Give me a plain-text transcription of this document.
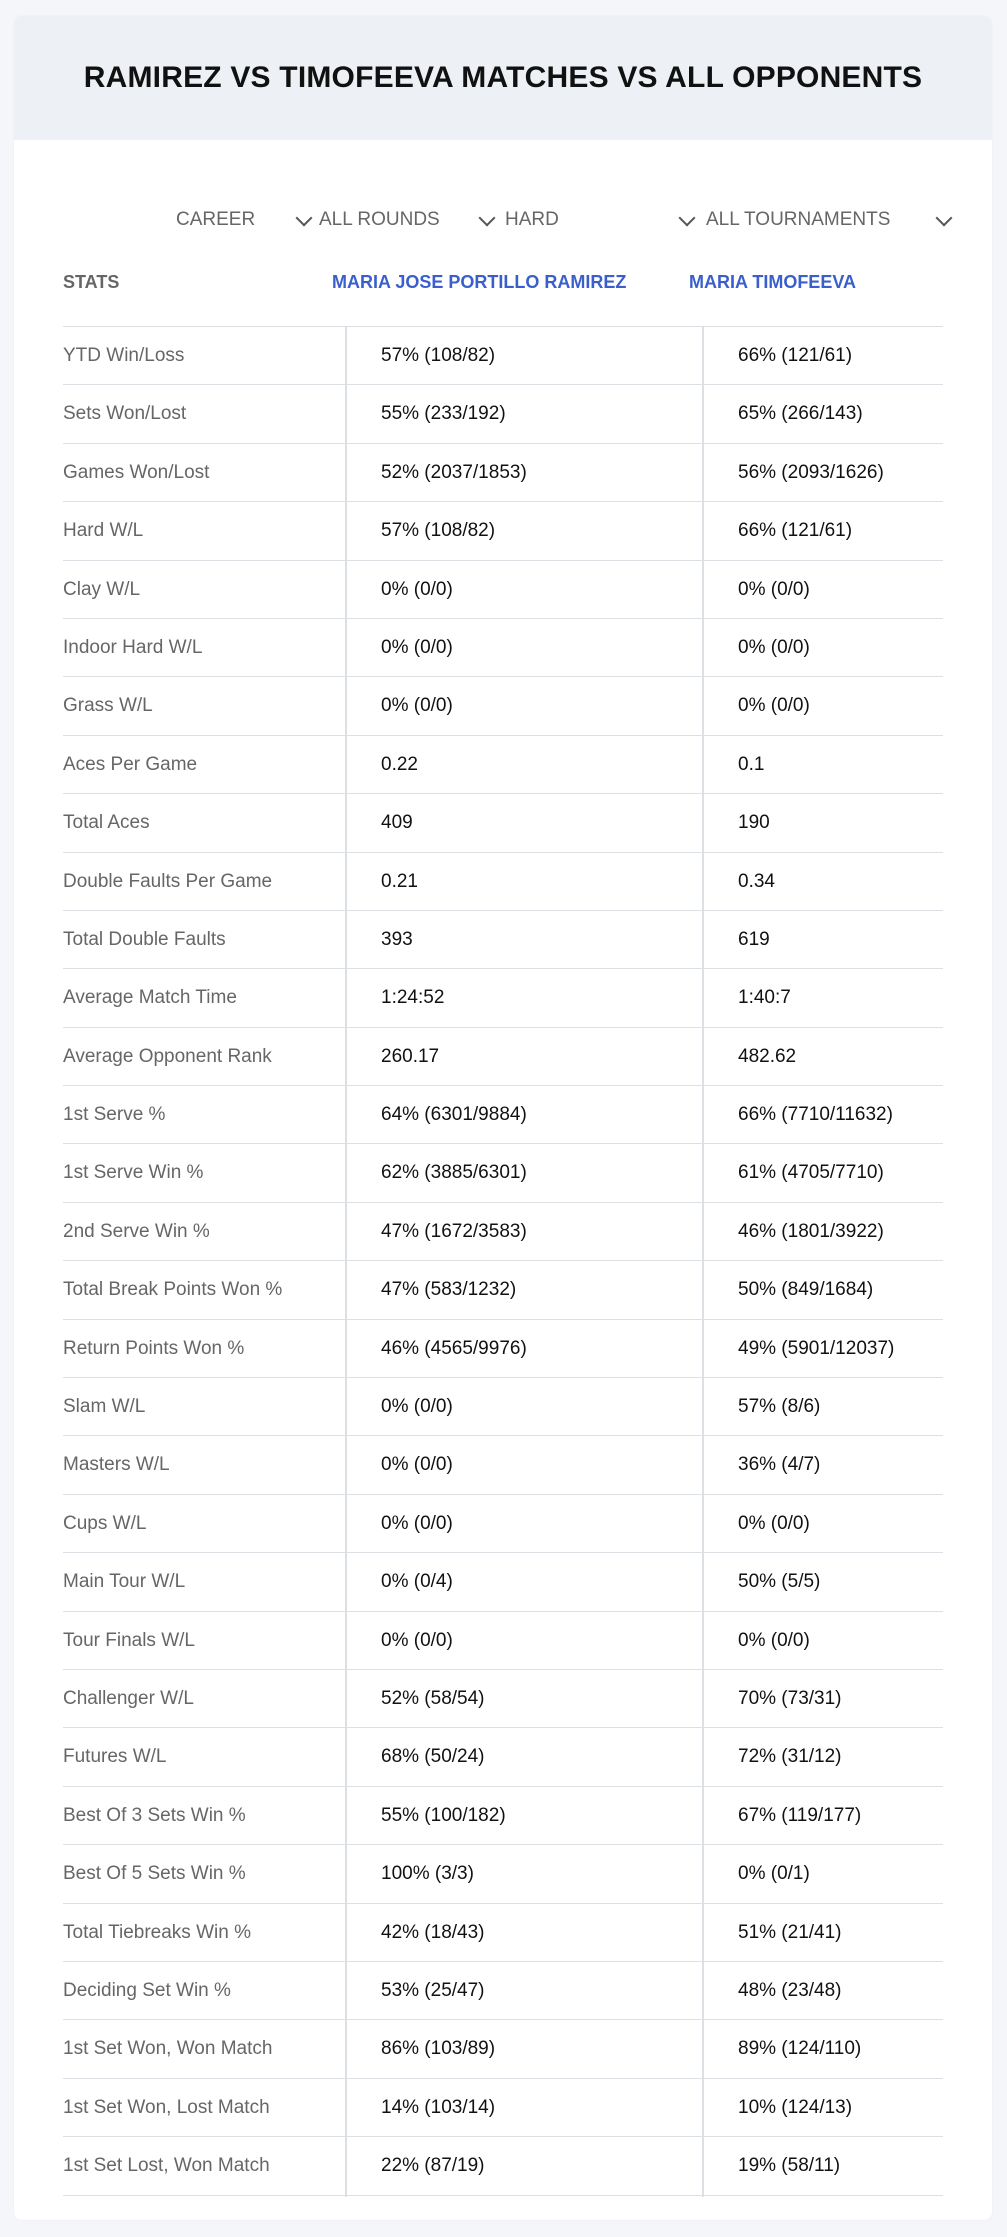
RAMIREZ VS TIMOFEEVA MATCHES VS ALL OPPONENTS
CAREER	ALL ROUNDS	HARD	ALL TOURNAMENTS
STATS	MARIA JOSE PORTILLO RAMIREZ	MARIA TIMOFEEVA
YTD Win/Loss	57% (108/82)	66% (121/61)
Sets Won/Lost	55% (233/192)	65% (266/143)
Games Won/Lost	52% (2037/1853)	56% (2093/1626)
Hard W/L	57% (108/82)	66% (121/61)
Clay W/L	0% (0/0)	0% (0/0)
Indoor Hard W/L	0% (0/0)	0% (0/0)
Grass W/L	0% (0/0)	0% (0/0)
Aces Per Game	0.22	0.1
Total Aces	409	190
Double Faults Per Game	0.21	0.34
Total Double Faults	393	619
Average Match Time	1:24:52	1:40:7
Average Opponent Rank	260.17	482.62
1st Serve %	64% (6301/9884)	66% (7710/11632)
1st Serve Win %	62% (3885/6301)	61% (4705/7710)
2nd Serve Win %	47% (1672/3583)	46% (1801/3922)
Total Break Points Won %	47% (583/1232)	50% (849/1684)
Return Points Won %	46% (4565/9976)	49% (5901/12037)
Slam W/L	0% (0/0)	57% (8/6)
Masters W/L	0% (0/0)	36% (4/7)
Cups W/L	0% (0/0)	0% (0/0)
Main Tour W/L	0% (0/4)	50% (5/5)
Tour Finals W/L	0% (0/0)	0% (0/0)
Challenger W/L	52% (58/54)	70% (73/31)
Futures W/L	68% (50/24)	72% (31/12)
Best Of 3 Sets Win %	55% (100/182)	67% (119/177)
Best Of 5 Sets Win %	100% (3/3)	0% (0/1)
Total Tiebreaks Win %	42% (18/43)	51% (21/41)
Deciding Set Win %	53% (25/47)	48% (23/48)
1st Set Won, Won Match	86% (103/89)	89% (124/110)
1st Set Won, Lost Match	14% (103/14)	10% (124/13)
1st Set Lost, Won Match	22% (87/19)	19% (58/11)
